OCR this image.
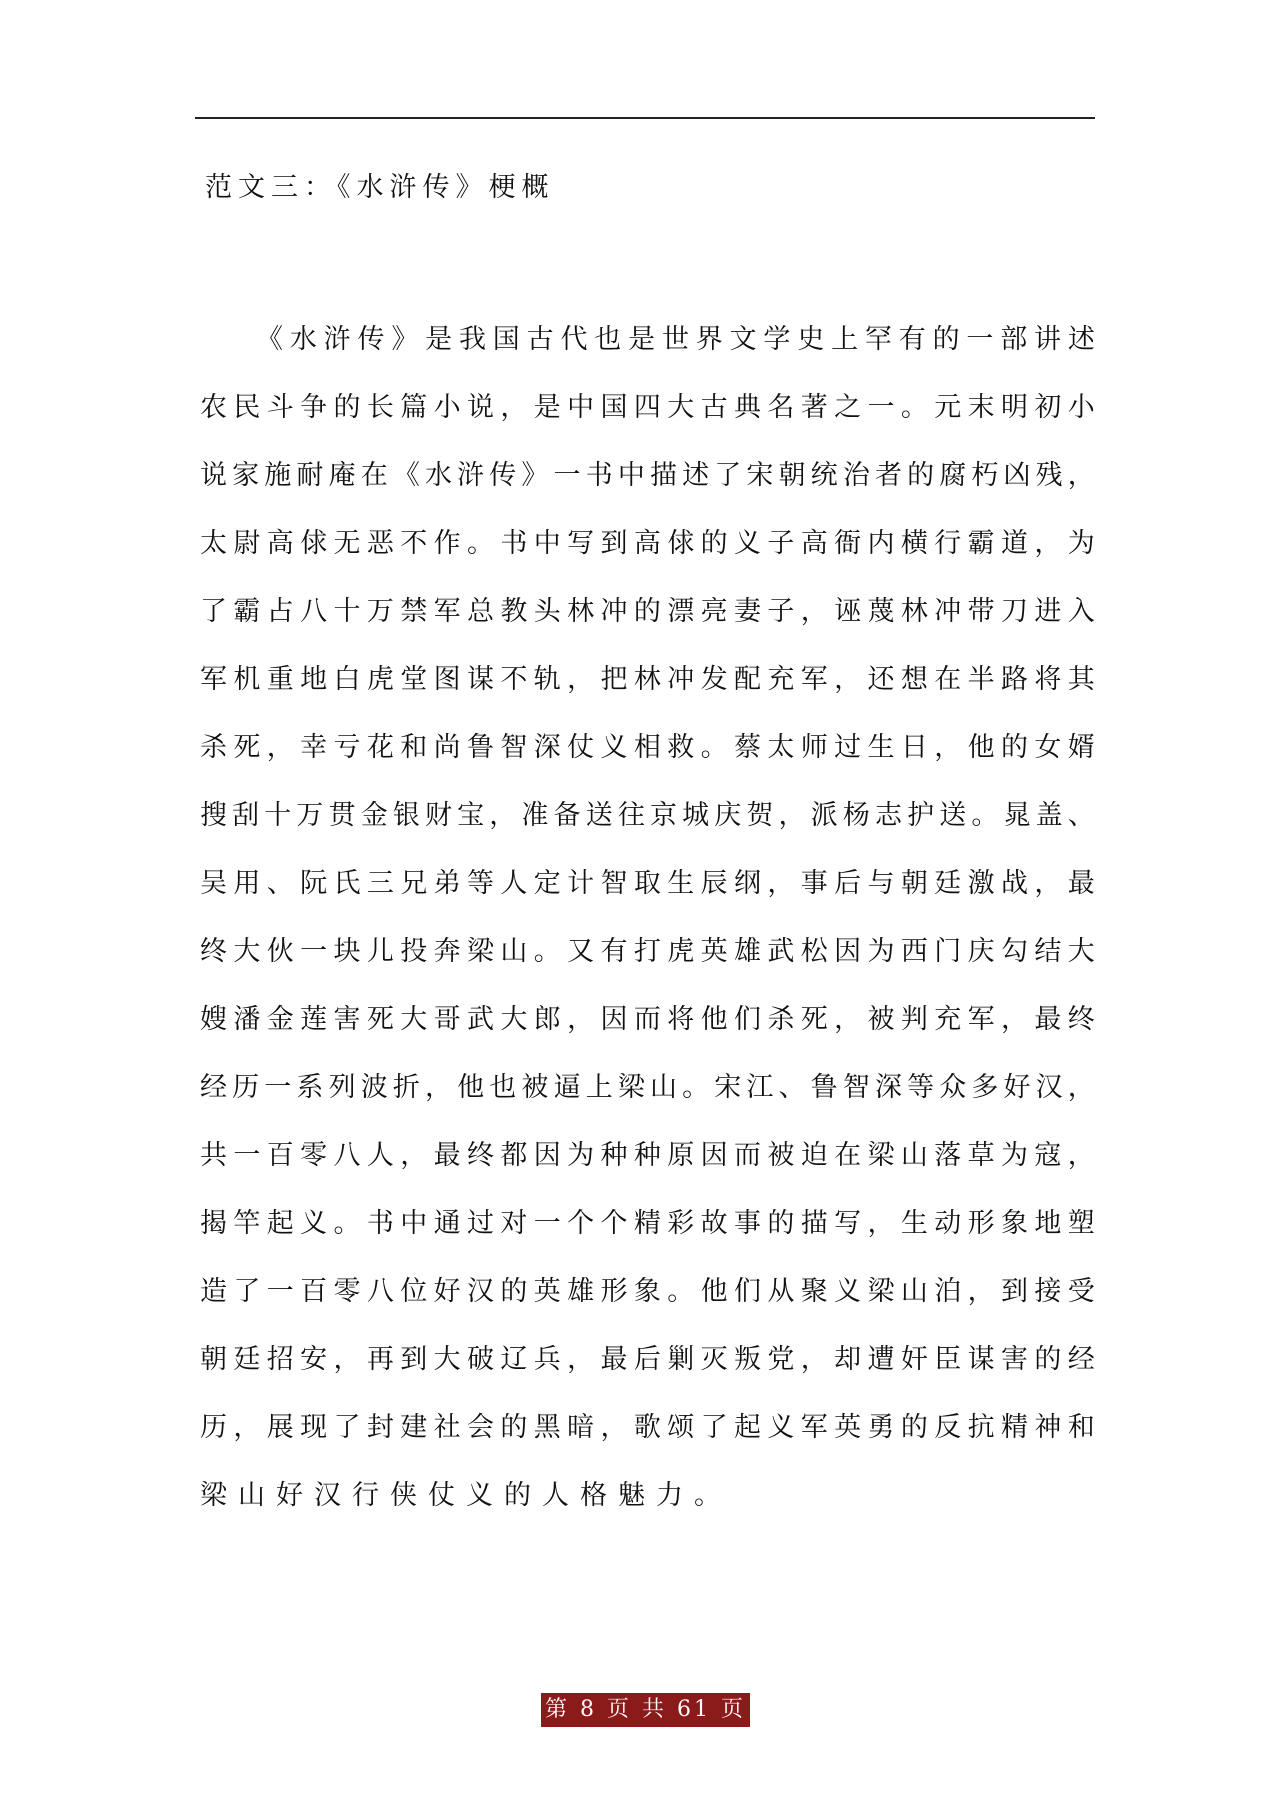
范文三：《水浒传》梗概
《 水 浒 传 》 是 我 国 古 代 也 是 世 界 文 学 史 上 罕 有 的 一 部 讲 述
农 民 斗 争 的 长 篇 小 说 ， 是 中 国 四 大 古 典 名 著 之 一 。 元 末 明 初 小
说 家 施 耐 庵 在 《 水 浒 传 》 一 书 中 描 述 了 宋 朝 统 治 者 的 腐 朽 凶 残 ，
太 尉 高 俅 无 恶 不 作 。 书 中 写 到 高 俅 的 义 子 高 衙 内 横 行 霸 道 ， 为
了 霸 占 八 十 万 禁 军 总 教 头 林 冲 的 漂 亮 妻 子 ， 诬 蔑 林 冲 带 刀 进 入
军 机 重 地 白 虎 堂 图 谋 不 轨 ， 把 林 冲 发 配 充 军 ， 还 想 在 半 路 将 其
杀 死 ， 幸 亏 花 和 尚 鲁 智 深 仗 义 相 救 。 蔡 太 师 过 生 日 ， 他 的 女 婿
搜 刮 十 万 贯 金 银 财 宝 ， 准 备 送 往 京 城 庆 贺 ， 派 杨 志 护 送 。 晁 盖 、
吴 用 、 阮 氏 三 兄 弟 等 人 定 计 智 取 生 辰 纲 ， 事 后 与 朝 廷 激 战 ， 最
终 大 伙 一 块 儿 投 奔 梁 山 。 又 有 打 虎 英 雄 武 松 因 为 西 门 庆 勾 结 大
嫂 潘 金 莲 害 死 大 哥 武 大 郎 ， 因 而 将 他 们 杀 死 ， 被 判 充 军 ， 最 终
经 历 一 系 列 波 折 ， 他 也 被 逼 上 梁 山 。 宋 江 、 鲁 智 深 等 众 多 好 汉 ，
共 一 百 零 八 人 ， 最 终 都 因 为 种 种 原 因 而 被 迫 在 梁 山 落 草 为 寇 ，
揭 竿 起 义 。 书 中 通 过 对 一 个 个 精 彩 故 事 的 描 写 ， 生 动 形 象 地 塑
造 了 一 百 零 八 位 好 汉 的 英 雄 形 象 。 他 们 从 聚 义 梁 山 泊 ， 到 接 受
朝 廷 招 安 ， 再 到 大 破 辽 兵 ， 最 后 剿 灭 叛 党 ， 却 遭 奸 臣 谋 害 的 经
历 ， 展 现 了 封 建 社 会 的 黑 暗 ， 歌 颂 了 起 义 军 英 勇 的 反 抗 精 神 和
梁山好汉行侠仗义的人格魅力。
第 8 页 共 61 页
